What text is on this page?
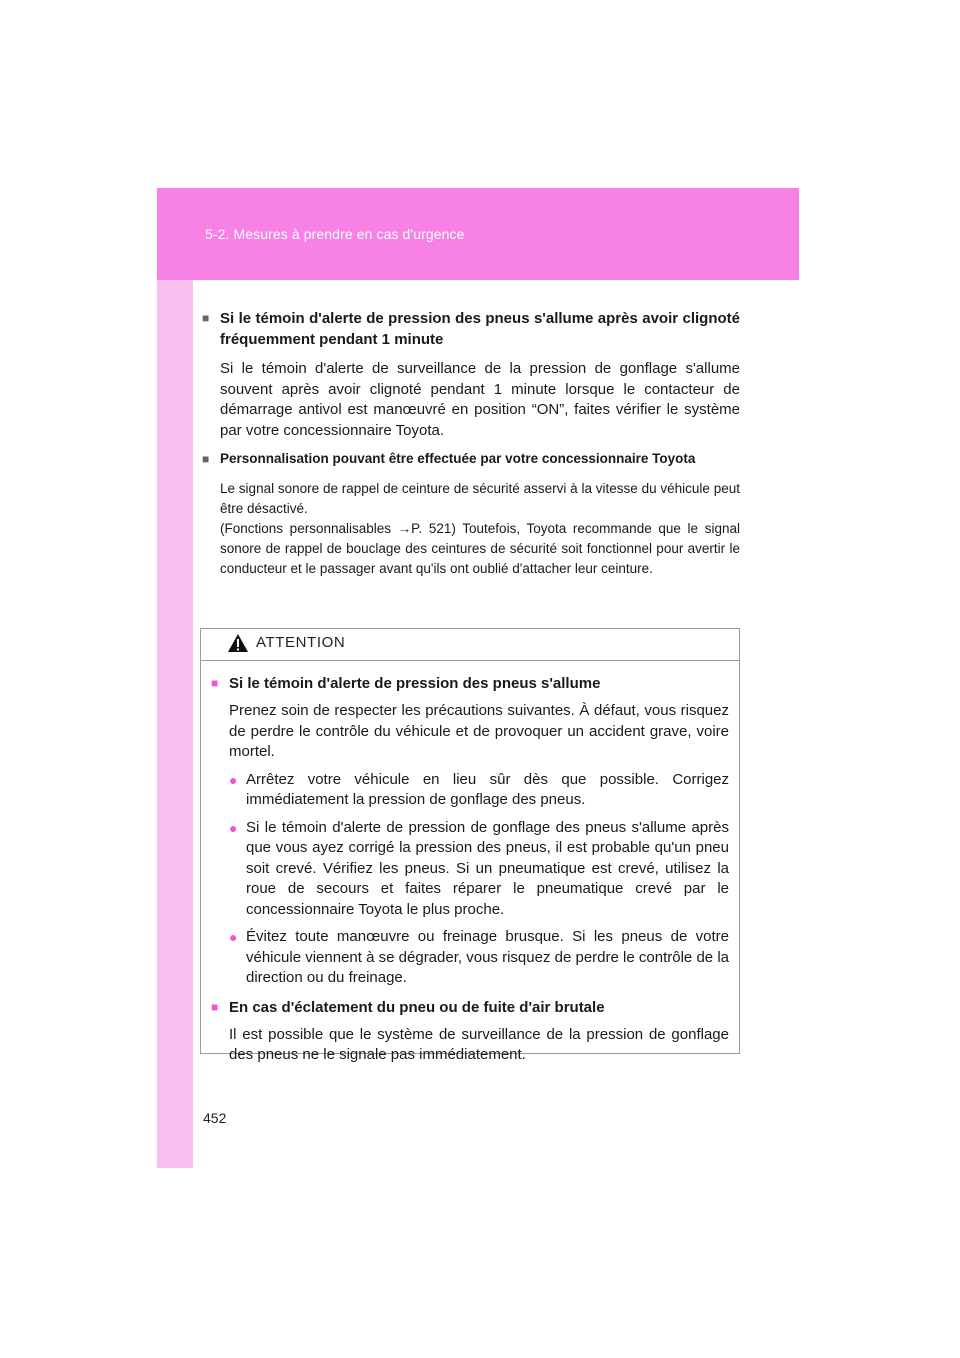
5-2. Mesures à prendre en cas d'urgence
■ Si le témoin d'alerte de pression des pneus s'allume après avoir clignoté fréquemment pendant 1 minute
Si le témoin d'alerte de surveillance de la pression de gonflage s'allume souvent après avoir clignoté pendant 1 minute lorsque le contacteur de démarrage antivol est manœuvré en position “ON”, faites vérifier le système par votre concessionnaire Toyota.
■ Personnalisation pouvant être effectuée par votre concessionnaire Toyota
Le signal sonore de rappel de ceinture de sécurité asservi à la vitesse du véhicule peut être désactivé.
(Fonctions personnalisables →P. 521) Toutefois, Toyota recommande que le signal sonore de rappel de bouclage des ceintures de sécurité soit fonctionnel pour avertir le conducteur et le passager avant qu'ils ont oublié d'attacher leur ceinture.
ATTENTION
■ Si le témoin d'alerte de pression des pneus s'allume
Prenez soin de respecter les précautions suivantes. À défaut, vous risquez de perdre le contrôle du véhicule et de provoquer un accident grave, voire mortel.
● Arrêtez votre véhicule en lieu sûr dès que possible. Corrigez immédiatement la pression de gonflage des pneus.
● Si le témoin d'alerte de pression de gonflage des pneus s'allume après que vous ayez corrigé la pression des pneus, il est probable qu'un pneu soit crevé. Vérifiez les pneus. Si un pneumatique est crevé, utilisez la roue de secours et faites réparer le pneumatique crevé par le concessionnaire Toyota le plus proche.
● Évitez toute manœuvre ou freinage brusque. Si les pneus de votre véhicule viennent à se dégrader, vous risquez de perdre le contrôle de la direction ou du freinage.
■ En cas d'éclatement du pneu ou de fuite d'air brutale
Il est possible que le système de surveillance de la pression de gonflage des pneus ne le signale pas immédiatement.
452
